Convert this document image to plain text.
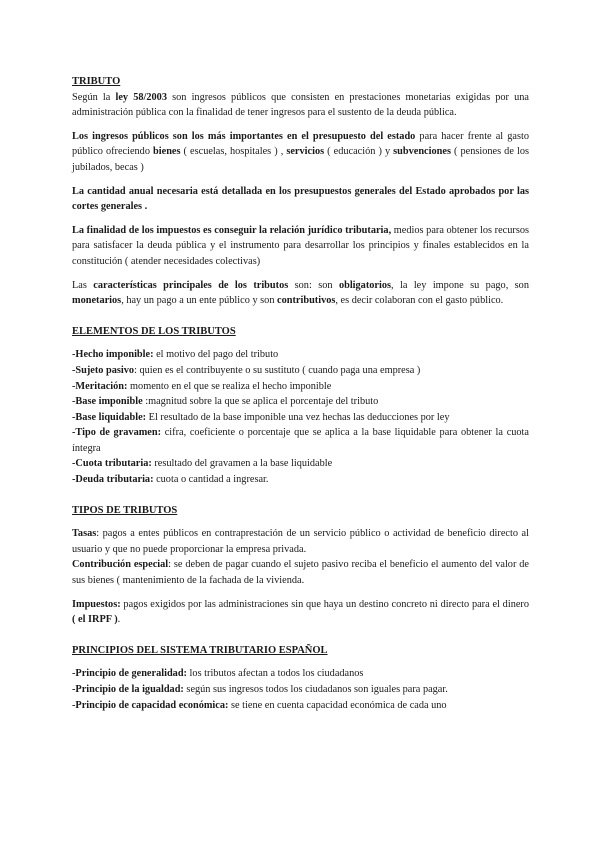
TRIBUTO

Según la ley 58/2003 son ingresos públicos que consisten en prestaciones monetarias exigidas por una administración pública con la finalidad de tener ingresos para el sustento de la deuda pública.

Los ingresos públicos son los más importantes en el presupuesto del estado para hacer frente al gasto público ofreciendo bienes ( escuelas, hospitales ) , servicios ( educación ) y subvenciones ( pensiones de los jubilados, becas )

La cantidad anual necesaria está detallada en los presupuestos generales del Estado aprobados por las cortes generales .

La finalidad de los impuestos es conseguir la relación jurídico tributaria, medios para obtener los recursos para satisfacer la deuda pública y el instrumento para desarrollar los principios y finales establecidos en la constitución ( atender necesidades colectivas)

Las características principales de los tributos son: son obligatorios, la ley impone su pago, son monetarios, hay un pago a un ente público y son contributivos, es decir colaboran con el gasto público.

ELEMENTOS DE LOS TRIBUTOS

-Hecho imponible: el motivo del pago del tributo

-Sujeto pasivo: quien es el contribuyente o su sustituto ( cuando paga una empresa )

-Meritación: momento en el que se realiza el hecho imponible

-Base imponible :magnitud sobre la que se aplica el porcentaje del tributo

-Base liquidable: El resultado de la base imponible una vez hechas las deducciones por ley

-Tipo de gravamen: cifra, coeficiente o porcentaje que se aplica a la base liquidable para obtener la cuota íntegra

-Cuota tributaria: resultado del gravamen a la base liquidable

-Deuda tributaria: cuota o cantidad a ingresar.

TIPOS DE TRIBUTOS

Tasas: pagos a entes públicos en contraprestación de un servicio público o actividad de beneficio directo al usuario y que no puede proporcionar la empresa privada.

Contribución especial: se deben de pagar cuando el sujeto pasivo reciba el beneficio el aumento del valor de sus bienes ( mantenimiento de la fachada de la vivienda.

Impuestos: pagos exigidos por las administraciones sin que haya un destino concreto ni directo para el dinero ( el IRPF ).

PRINCIPIOS DEL SISTEMA TRIBUTARIO ESPAÑOL

-Principio de generalidad: los tributos afectan a todos los ciudadanos

-Principio de la igualdad: según sus ingresos todos los ciudadanos son iguales para pagar.

-Principio de capacidad económica: se tiene en cuenta capacidad económica de cada uno
